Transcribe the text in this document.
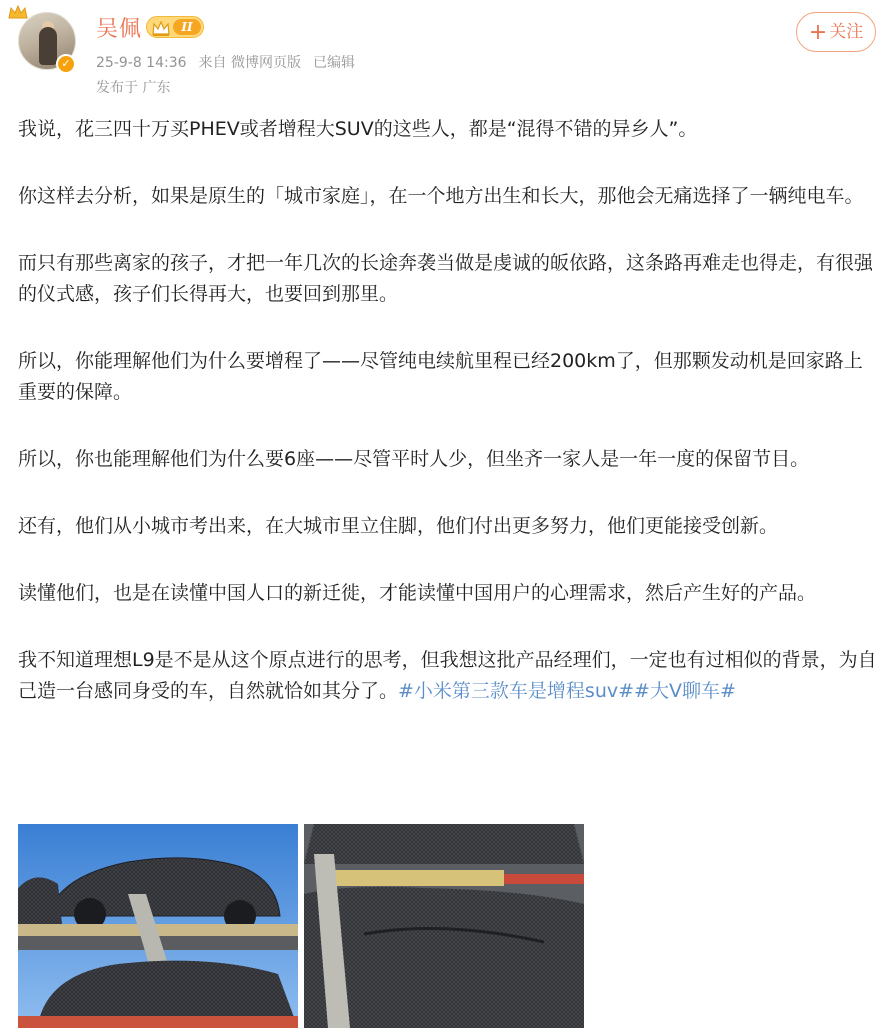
✓
吴佩	II
25-9-8 14:36 来自 微博网页版 已编辑
发布于 广东
+ 关注

我说，花三四十万买PHEV或者增程大SUV的这些人，都是“混得不错的异乡人”。

你这样去分析，如果是原生的「城市家庭」，在一个地方出生和长大，那他会无痛选择了一辆纯电车。

而只有那些离家的孩子，才把一年几次的长途奔袭当做是虔诚的皈依路，这条路再难走也得走，有很强的仪式感，孩子们长得再大，也要回到那里。

所以，你能理解他们为什么要增程了——尽管纯电续航里程已经200km了，但那颗发动机是回家路上重要的保障。

所以，你也能理解他们为什么要6座——尽管平时人少，但坐齐一家人是一年一度的保留节目。

还有，他们从小城市考出来，在大城市里立住脚，他们付出更多努力，他们更能接受创新。

读懂他们，也是在读懂中国人口的新迁徙，才能读懂中国用户的心理需求，然后产生好的产品。

我不知道理想L9是不是从这个原点进行的思考，但我想这批产品经理们，一定也有过相似的背景，为自己造一台感同身受的车，自然就恰如其分了。#小米第三款车是增程suv##大V聊车#
